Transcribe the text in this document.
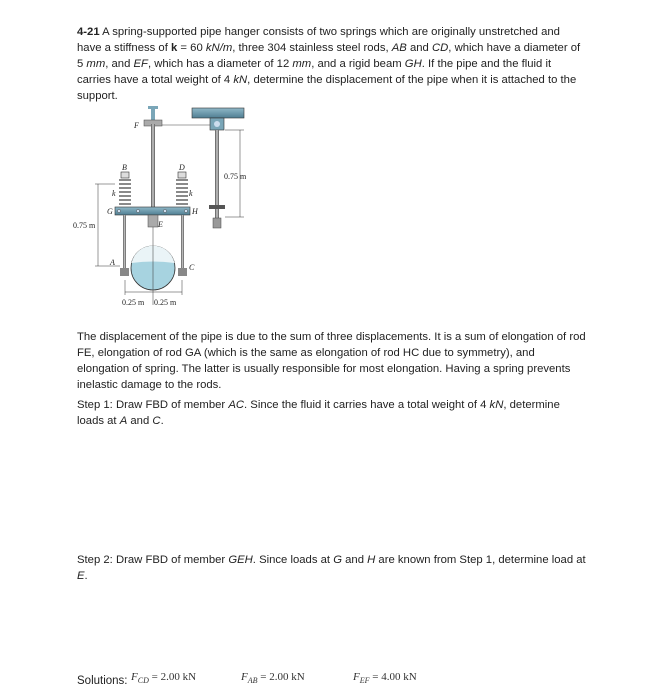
4-21 A spring-supported pipe hanger consists of two springs which are originally unstretched and have a stiffness of k = 60 kN/m, three 304 stainless steel rods, AB and CD, which have a diameter of 5 mm, and EF, which has a diameter of 12 mm, and a rigid beam GH. If the pipe and the fluid it carries have a total weight of 4 kN, determine the displacement of the pipe when it is attached to the support.
F
B	D
k	k
G	H
E
A
C
0.75 m
0.75 m
0.25 m 0.25 m
The displacement of the pipe is due to the sum of three displacements. It is a sum of elongation of rod FE, elongation of rod GA (which is the same as elongation of rod HC due to symmetry), and elongation of spring. The latter is usually responsible for most elongation. Having a spring prevents inelastic damage to the rods.
Step 1: Draw FBD of member AC. Since the fluid it carries have a total weight of 4 kN, determine loads at A and C.
Step 2: Draw FBD of member GEH. Since loads at G and H are known from Step 1, determine load at E.
Solutions: $F_{CD} = 2.00$ kN	$F_{AB} = 2.00$ kN	$F_{EF} = 4.00$ kN
